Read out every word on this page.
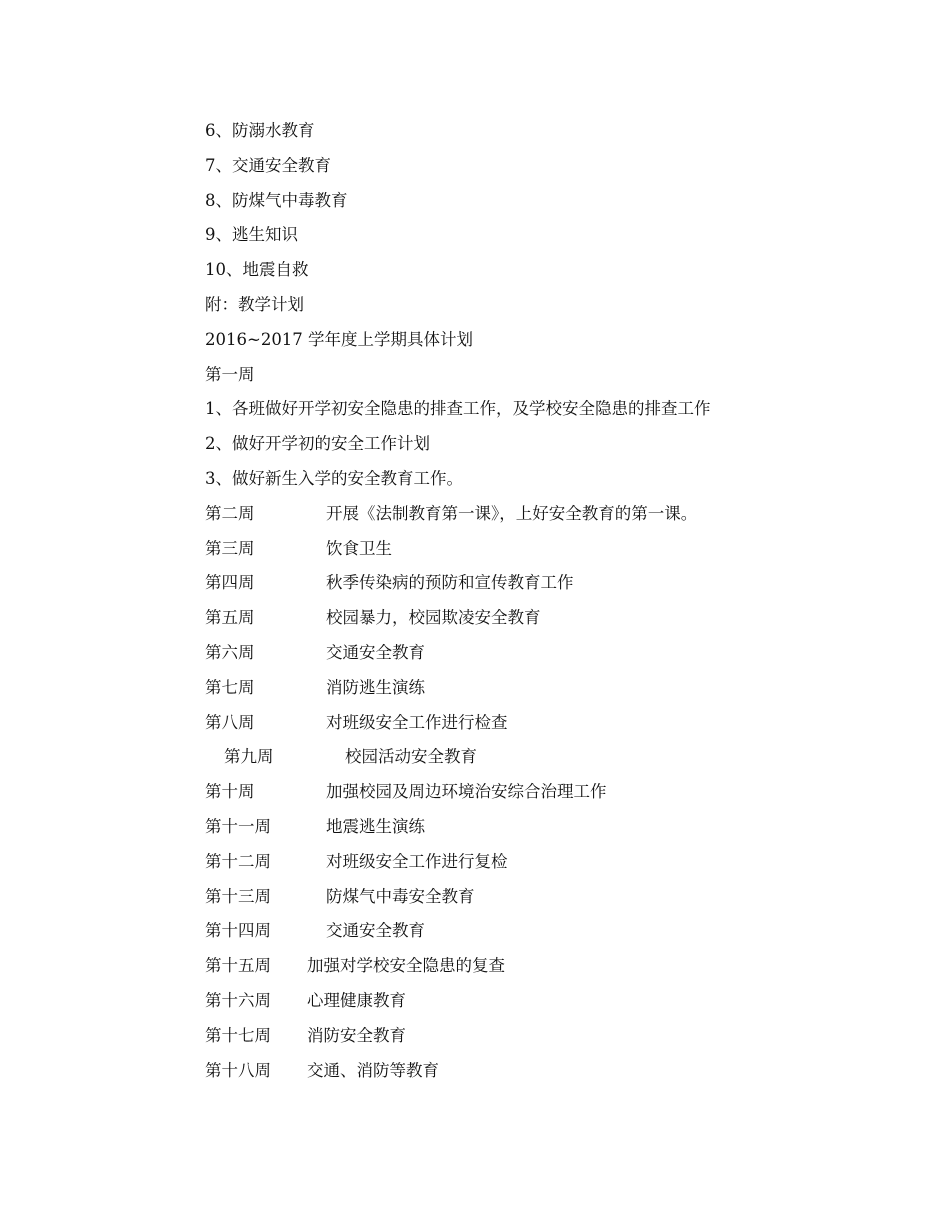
6、防溺水教育
7、交通安全教育
8、防煤气中毒教育
9、逃生知识
10、地震自救
附：教学计划
2016~2017 学年度上学期具体计划
第一周
1、各班做好开学初安全隐患的排查工作，及学校安全隐患的排查工作
2、做好开学初的安全工作计划
3、做好新生入学的安全教育工作。
第二周	开展《法制教育第一课》，上好安全教育的第一课。
第三周	饮食卫生
第四周	秋季传染病的预防和宣传教育工作
第五周	校园暴力，校园欺凌安全教育
第六周	交通安全教育
第七周	消防逃生演练
第八周	对班级安全工作进行检查
第九周	校园活动安全教育
第十周	加强校园及周边环境治安综合治理工作
第十一周	地震逃生演练
第十二周	对班级安全工作进行复检
第十三周	防煤气中毒安全教育
第十四周	交通安全教育
第十五周 加强对学校安全隐患的复查
第十六周 心理健康教育
第十七周 消防安全教育
第十八周 交通、消防等教育
